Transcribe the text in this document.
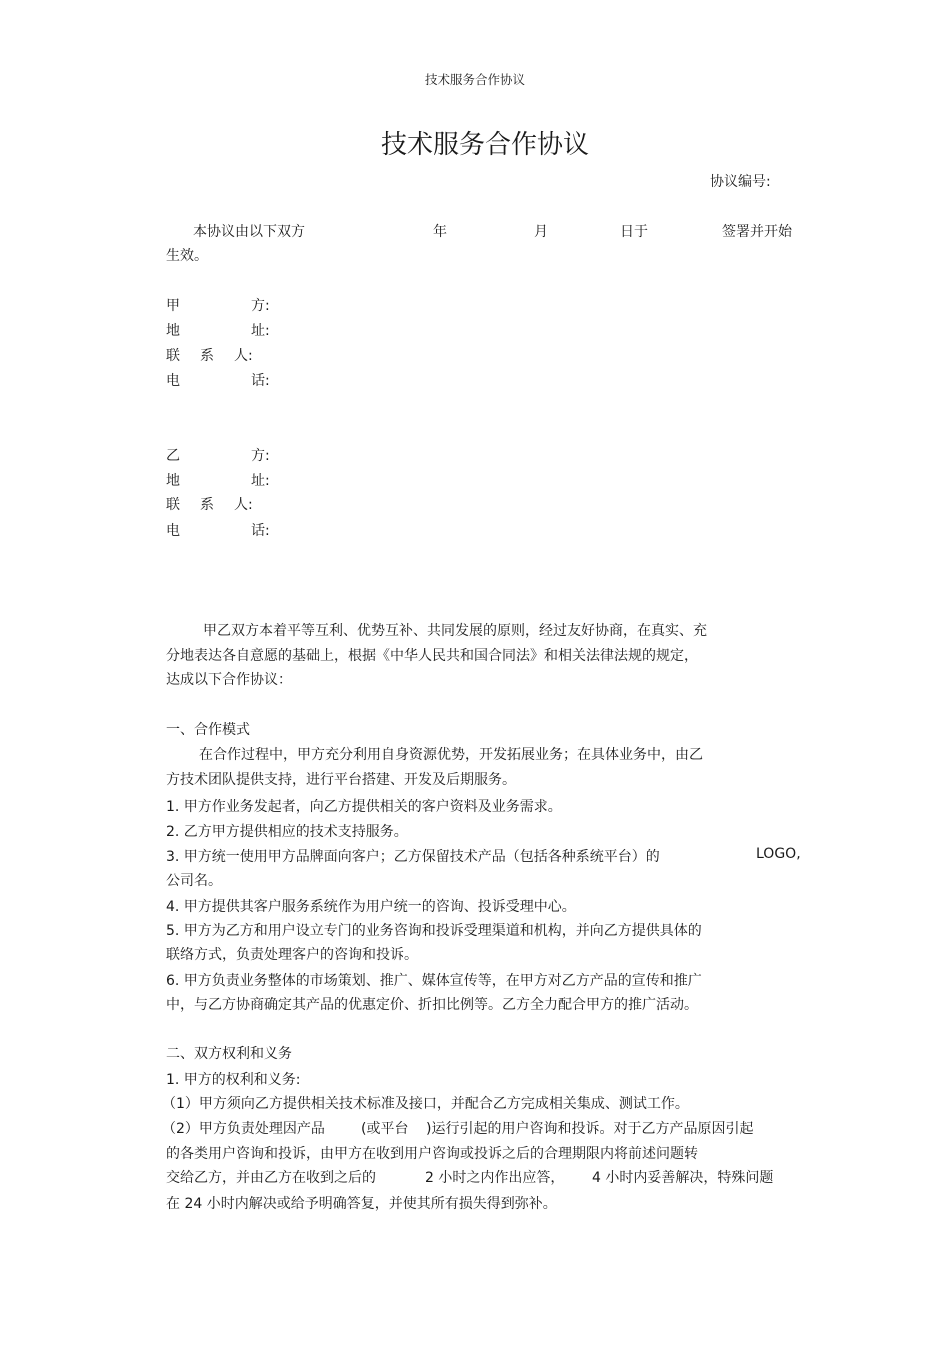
技术服务合作协议
技术服务合作协议
协议编号:
本协议由以下双方	年	月	日于	签署并开始
生效。
甲	方:
地	址:
联 系 人:
电	话:
乙	方:
地	址:
联 系 人:
电	话:
甲乙双方本着平等互利、优势互补、共同发展的原则，经过友好协商，在真实、充
分地表达各自意愿的基础上，根据《中华人民共和国合同法》和相关法律法规的规定，
达成以下合作协议：
一、合作模式
在合作过程中，甲方充分利用自身资源优势，开发拓展业务；在具体业务中，由乙
方技术团队提供支持，进行平台搭建、开发及后期服务。
1. 甲方作业务发起者，向乙方提供相关的客户资料及业务需求。
2. 乙方甲方提供相应的技术支持服务。
3. 甲方统一使用甲方品牌面向客户；乙方保留技术产品（包括各种系统平台）的	LOGO,
公司名。
4. 甲方提供其客户服务系统作为用户统一的咨询、投诉受理中心。
5. 甲方为乙方和用户设立专门的业务咨询和投诉受理渠道和机构，并向乙方提供具体的
联络方式，负责处理客户的咨询和投诉。
6. 甲方负责业务整体的市场策划、推广、媒体宣传等，在甲方对乙方产品的宣传和推广
中，与乙方协商确定其产品的优惠定价、折扣比例等。乙方全力配合甲方的推广活动。
二、双方权利和义务
1. 甲方的权利和义务:
（1）甲方须向乙方提供相关技术标准及接口，并配合乙方完成相关集成、测试工作。
（2）甲方负责处理因产品	(或平台 )运行引起的用户咨询和投诉。对于乙方产品原因引起
的各类用户咨询和投诉，由甲方在收到用户咨询或投诉之后的合理期限内将前述问题转
交给乙方，并由乙方在收到之后的	2 小时之内作出应答， 4 小时内妥善解决，特殊问题
在 24 小时内解决或给予明确答复，并使其所有损失得到弥补。
